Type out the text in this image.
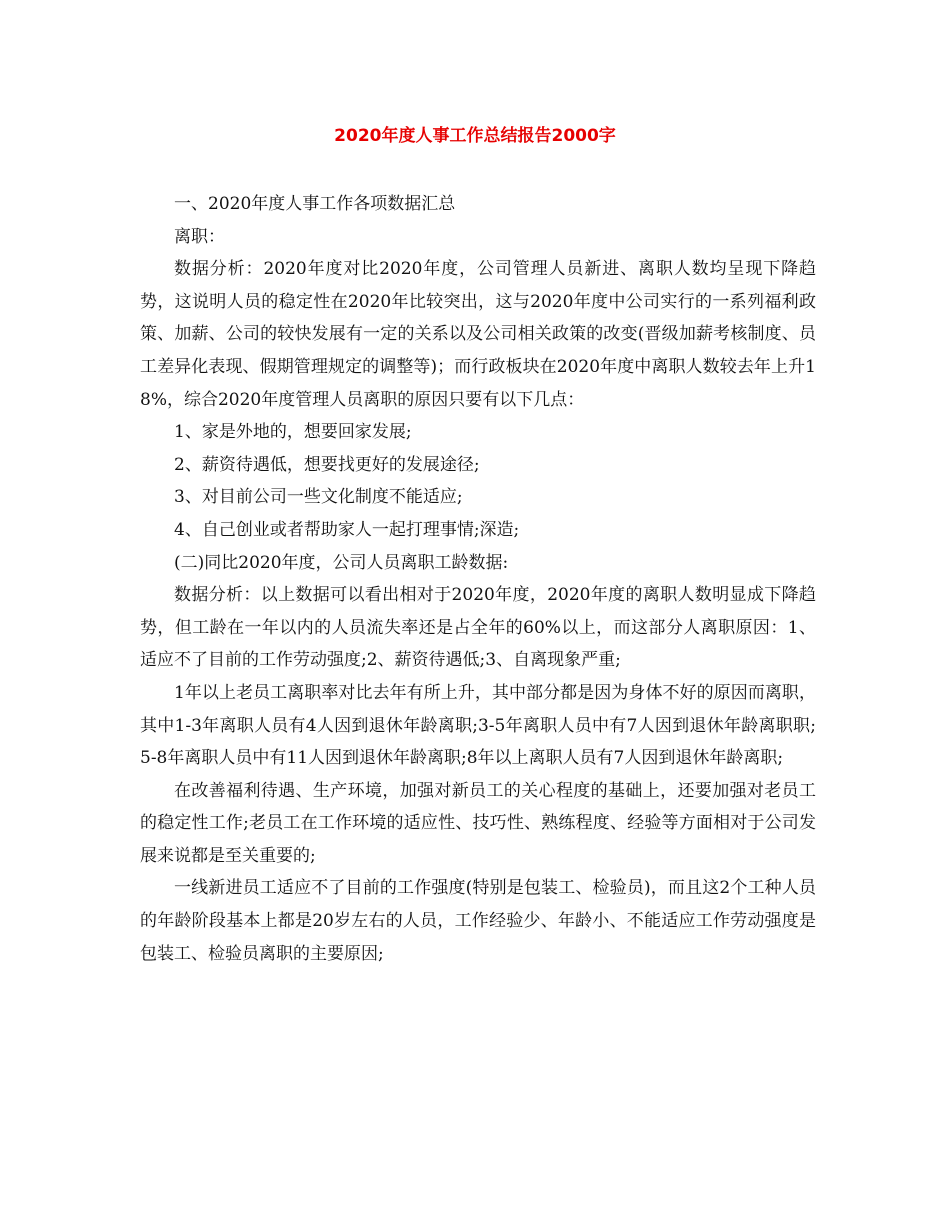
2020年度人事工作总结报告2000字

一、2020年度人事工作各项数据汇总

离职：

数据分析：2020年度对比2020年度，公司管理人员新进、离职人数均呈现下降趋势，这说明人员的稳定性在2020年比较突出，这与2020年度中公司实行的一系列福利政策、加薪、公司的较快发展有一定的关系以及公司相关政策的改变(晋级加薪考核制度、员工差异化表现、假期管理规定的调整等)；而行政板块在2020年度中离职人数较去年上升18%，综合2020年度管理人员离职的原因只要有以下几点：

1、家是外地的，想要回家发展;

2、薪资待遇低，想要找更好的发展途径;

3、对目前公司一些文化制度不能适应;

4、自己创业或者帮助家人一起打理事情;深造;

(二)同比2020年度，公司人员离职工龄数据:

数据分析：以上数据可以看出相对于2020年度，2020年度的离职人数明显成下降趋势，但工龄在一年以内的人员流失率还是占全年的60%以上，而这部分人离职原因：1、适应不了目前的工作劳动强度;2、薪资待遇低;3、自离现象严重;

1年以上老员工离职率对比去年有所上升，其中部分都是因为身体不好的原因而离职，其中1-3年离职人员有4人因到退休年龄离职;3-5年离职人员中有7人因到退休年龄离职职;5-8年离职人员中有11人因到退休年龄离职;8年以上离职人员有7人因到退休年龄离职;

在改善福利待遇、生产环境，加强对新员工的关心程度的基础上，还要加强对老员工的稳定性工作;老员工在工作环境的适应性、技巧性、熟练程度、经验等方面相对于公司发展来说都是至关重要的;

一线新进员工适应不了目前的工作强度(特别是包装工、检验员)，而且这2个工种人员的年龄阶段基本上都是20岁左右的人员，工作经验少、年龄小、不能适应工作劳动强度是包装工、检验员离职的主要原因;
